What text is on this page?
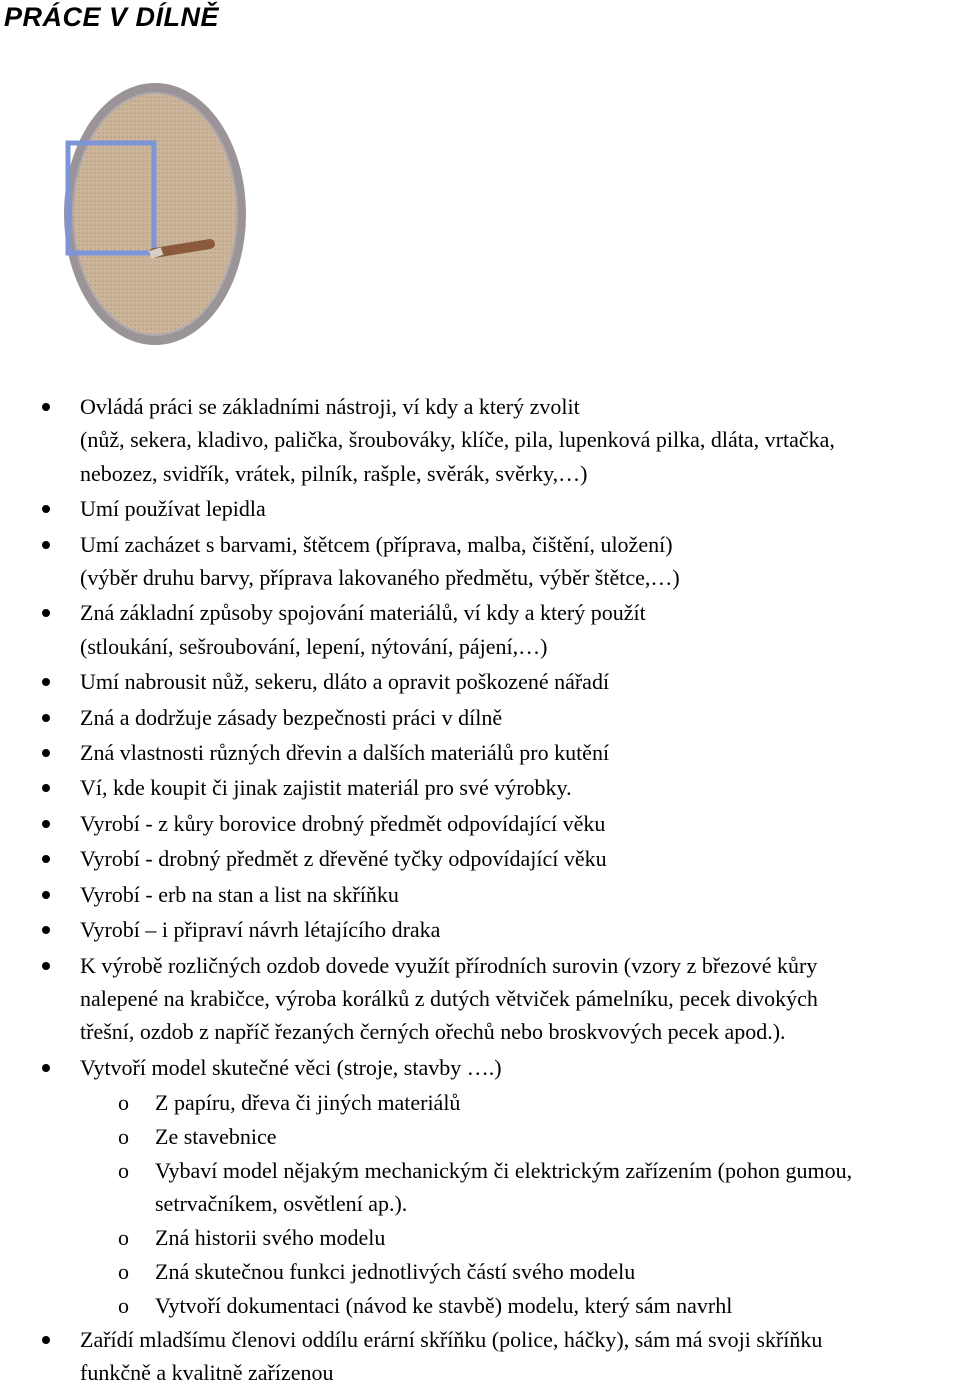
PRÁCE V DÍLNĚ
Ovládá práci se základními nástroji, ví kdy a který zvolit
(nůž, sekera, kladivo, palička, šroubováky, klíče, pila, lupenková pilka, dláta, vrtačka,
nebozez, svidřík, vrátek, pilník, rašple, svěrák, svěrky,…)
Umí používat lepidla
Umí zacházet s barvami, štětcem (příprava, malba, čištění, uložení)
(výběr druhu barvy, příprava lakovaného předmětu, výběr štětce,…)
Zná základní způsoby spojování materiálů, ví kdy a který použít
(stloukání, sešroubování, lepení, nýtování, pájení,…)
Umí nabrousit nůž, sekeru, dláto a opravit poškozené nářadí
Zná a dodržuje zásady bezpečnosti práci v dílně
Zná vlastnosti různých dřevin a dalších materiálů pro kutění
Ví, kde koupit či jinak zajistit materiál pro své výrobky.
Vyrobí - z kůry borovice drobný předmět odpovídající věku
Vyrobí - drobný předmět z dřevěné tyčky odpovídající věku
Vyrobí - erb na stan a list na skříňku
Vyrobí – i připraví návrh létajícího draka
K výrobě rozličných ozdob dovede využít přírodních surovin (vzory z březové kůry
nalepené na krabičce, výroba korálků z dutých větviček pámelníku, pecek divokých
třešní, ozdob z napříč řezaných černých ořechů nebo broskvových pecek apod.).
Vytvoří model skutečné věci (stroje, stavby ….)
o Z papíru, dřeva či jiných materiálů
o Ze stavebnice
o Vybaví model nějakým mechanickým či elektrickým zařízením (pohon gumou,
setrvačníkem, osvětlení ap.).
o Zná historii svého modelu
o Zná skutečnou funkci jednotlivých částí svého modelu
o Vytvoří dokumentaci (návod ke stavbě) modelu, který sám navrhl
Zařídí mladšímu členovi oddílu erární skříňku (police, háčky), sám má svoji skříňku
funkčně a kvalitně zařízenou
